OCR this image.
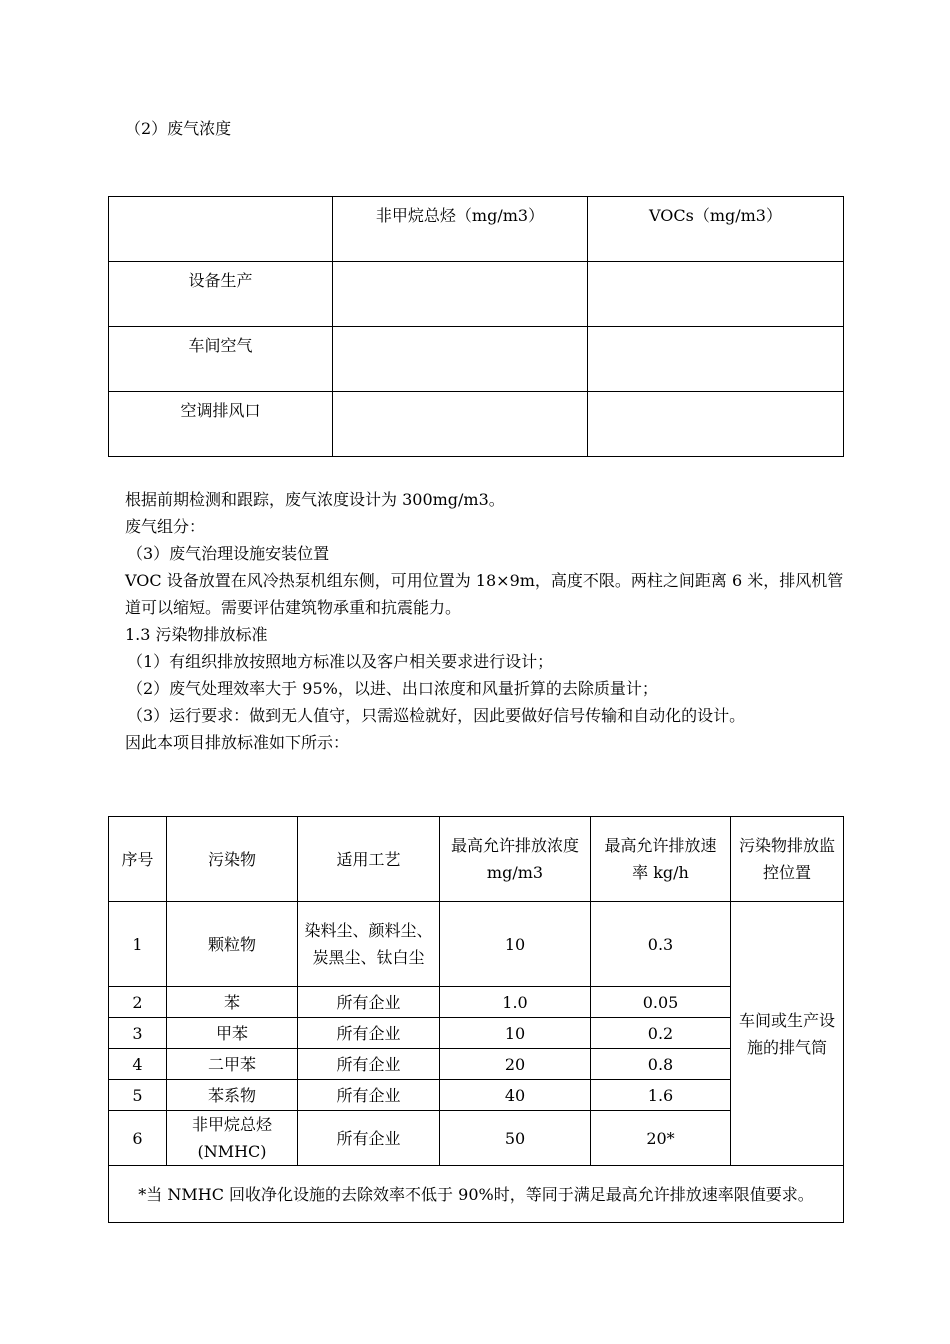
（2）废气浓度
	非甲烷总烃（mg/m3）	VOCs（mg/m3）
设备生产		
车间空气		
空调排风口		

根据前期检测和跟踪，废气浓度设计为 300mg/m3。

废气组分：

（3）废气治理设施安装位置

VOC 设备放置在风冷热泵机组东侧，可用位置为 18×9m，高度不限。两柱之间距离 6 米，排风机管道可以缩短。需要评估建筑物承重和抗震能力。

1.3 污染物排放标准

（1）有组织排放按照地方标准以及客户相关要求进行设计；

（2）废气处理效率大于 95%，以进、出口浓度和风量折算的去除质量计；

（3）运行要求：做到无人值守，只需巡检就好，因此要做好信号传输和自动化的设计。

因此本项目排放标准如下所示：

序号	污染物	适用工艺	最高允许排放浓度 mg/m3	最高允许排放速率 kg/h	污染物排放监控位置
1	颗粒物	染料尘、颜料尘、炭黑尘、钛白尘	10	0.3	车间或生产设施的排气筒
2	苯	所有企业	1.0	0.05	
3	甲苯	所有企业	10	0.2	
4	二甲苯	所有企业	20	0.8	
5	苯系物	所有企业	40	1.6	
6	非甲烷总烃(NMHC)	所有企业	50	20*	
*当 NMHC 回收净化设施的去除效率不低于 90%时，等同于满足最高允许排放速率限值要求。					
